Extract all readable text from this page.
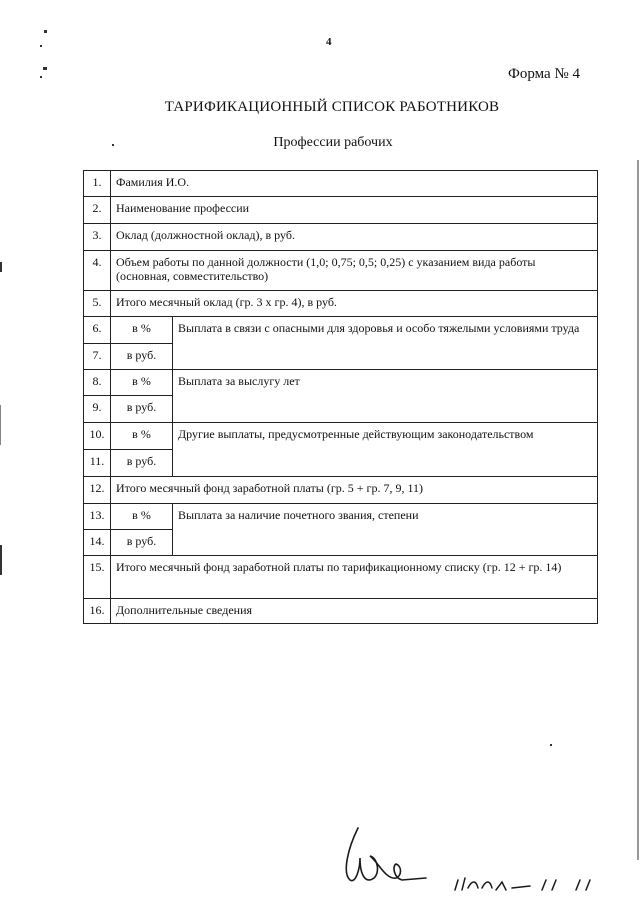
4
Форма № 4
ТАРИФИКАЦИОННЫЙ СПИСОК РАБОТНИКОВ
Профессии рабочих
1.	Фамилия И.О.	
2.	Наименование профессии	
3.	Оклад (должностной оклад), в руб.	
4.	Объем работы по данной должности (1,0; 0,75; 0,5; 0,25) с указанием вида работы (основная, совместительство)	
5.	Итого месячный оклад (гр. 3 х гр. 4), в руб.	
6.	в %	Выплата в связи с опасными для здоровья и особо тяжелыми условиями труда
7.	в руб.	
8.	в %	Выплата за выслугу лет
9.	в руб.	
10.	в %	Другие выплаты, предусмотренные действующим законодательством
11.	в руб.	
12.	Итого месячный фонд заработной платы (гр. 5 + гр. 7, 9, 11)	
13.	в %	Выплата за наличие почетного звания, степени
14.	в руб.	
15.	Итого месячный фонд заработной платы по тарификационному списку (гр. 12 + гр. 14)	
16.	Дополнительные сведения	
